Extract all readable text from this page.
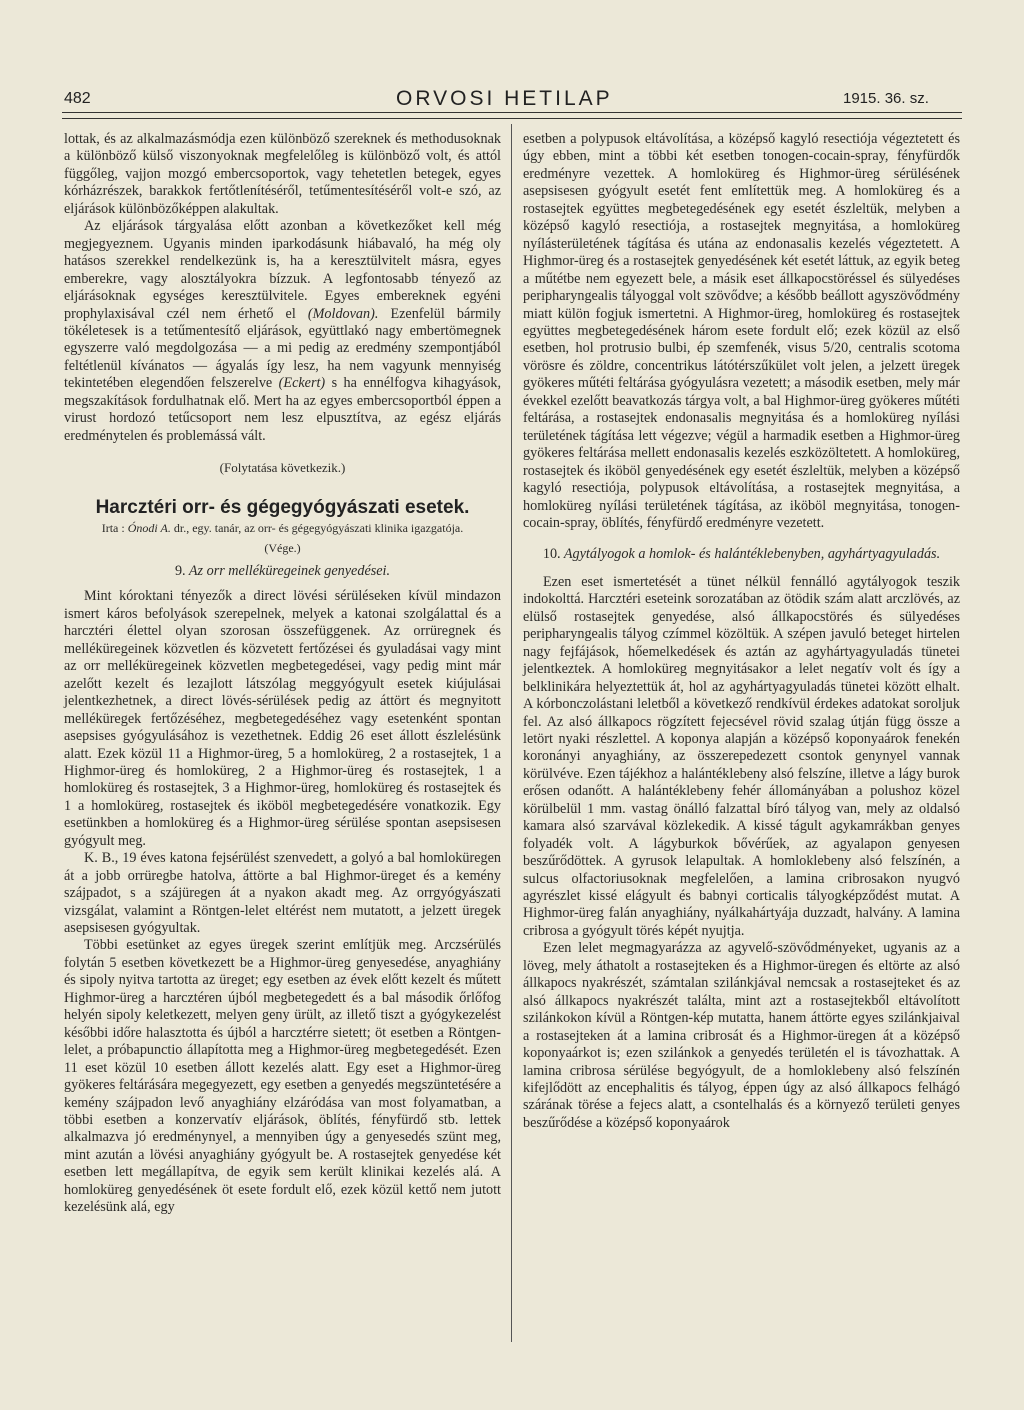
482	ORVOSI HETILAP	1915. 36. sz.

lottak, és az alkalmazásmódja ezen különböző szereknek és methodusoknak a különböző külső viszonyoknak megfelelőleg is különböző volt, és attól függőleg, vajjon mozgó embercsoportok, vagy tehetetlen betegek, egyes kórházrészek, barakkok fertőtlenítéséről, tetűmentesítéséről volt-e szó, az eljárások különbözőképpen alakultak.

Az eljárások tárgyalása előtt azonban a következőket kell még megjegyeznem. Ugyanis minden iparkodásunk hiábavaló, ha még oly hatásos szerekkel rendelkezünk is, ha a keresztülvitelt másra, egyes emberekre, vagy alosztályokra bízzuk. A legfontosabb tényező az eljárásoknak egységes keresztülvitele. Egyes embereknek egyéni prophylaxisával czél nem érhető el (Moldovan). Ezenfelül bármily tökéletesek is a tetűmentesítő eljárások, együttlakó nagy embertömegnek egyszerre való megdolgozása — a mi pedig az eredmény szempontjából feltétlenül kívánatos — ágyalás így lesz, ha nem vagyunk mennyiség tekintetében elegendően felszerelve (Eckert) s ha ennélfogva kihagyások, megszakítások fordulhatnak elő. Mert ha az egyes embercsoportból éppen a virust hordozó tetűcsoport nem lesz elpusztítva, az egész eljárás eredménytelen és problemássá vált.

(Folytatása következik.)
Harcztéri orr- és gégegyógyászati esetek.
Irta : Ónodi A. dr., egy. tanár, az orr- és gégegyógyászati klinika igazgatója.
(Vége.)
9. Az orr melléküregeinek genyedései.

Mint kóroktani tényezők a direct lövési sérüléseken kívül mindazon ismert káros befolyások szerepelnek, melyek a katonai szolgálattal és a harcztéri élettel olyan szorosan összefüggenek. Az orrüregnek és melléküregeinek közvetlen és közvetett fertőzései és gyuladásai vagy mint az orr melléküregeinek közvetlen megbetegedései, vagy pedig mint már azelőtt kezelt és lezajlott látszólag meggyógyult esetek kiújulásai jelentkezhetnek, a direct lövés-sérülések pedig az áttört és megnyitott melléküregek fertőzéséhez, megbetegedéséhez vagy esetenként spontan asepsises gyógyulásához is vezethetnek. Eddig 26 eset állott észlelésünk alatt. Ezek közül 11 a Highmor-üreg, 5 a homloküreg, 2 a rostasejtek, 1 a Highmor-üreg és homloküreg, 2 a Highmor-üreg és rostasejtek, 1 a homloküreg és rostasejtek, 3 a Highmor-üreg, homloküreg és rostasejtek és 1 a homloküreg, rostasejtek és iköböl megbetegedésére vonatkozik. Egy esetünkben a homloküreg és a Highmor-üreg sérülése spontan asepsisesen gyógyult meg.

K. B., 19 éves katona fejsérülést szenvedett, a golyó a bal homloküregen át a jobb orrüregbe hatolva, áttörte a bal Highmor-üreget és a kemény szájpadot, s a szájüregen át a nyakon akadt meg. Az orrgyógyászati vizsgálat, valamint a Röntgen-lelet eltérést nem mutatott, a jelzett üregek asepsisesen gyógyultak.

Többi esetünket az egyes üregek szerint említjük meg. Arczsérülés folytán 5 esetben következett be a Highmor-üreg genyesedése, anyaghiány és sipoly nyitva tartotta az üreget; egy esetben az évek előtt kezelt és műtett Highmor-üreg a harcztéren újból megbetegedett és a bal második őrlőfog helyén sipoly keletkezett, melyen geny ürült, az illető tiszt a gyógykezelést későbbi időre halasztotta és újból a harcztérre sietett; öt esetben a Röntgen-lelet, a próbapunctio állapította meg a Highmor-üreg megbetegedését. Ezen 11 eset közül 10 esetben állott kezelés alatt. Egy eset a Highmor-üreg gyökeres feltárására megegyezett, egy esetben a genyedés megszüntetésére a kemény szájpadon levő anyaghiány elzáródása van most folyamatban, a többi esetben a konzervatív eljárások, öblítés, fényfürdő stb. lettek alkalmazva jó eredménynyel, a mennyiben úgy a genyesedés szünt meg, mint azután a lövési anyaghiány gyógyult be. A rostasejtek genyedése két esetben lett megállapítva, de egyik sem került klinikai kezelés alá. A homloküreg genyedésének öt esete fordult elő, ezek közül kettő nem jutott kezelésünk alá, egy

esetben a polypusok eltávolítása, a középső kagyló resectiója végeztetett és úgy ebben, mint a többi két esetben tonogen-cocain-spray, fényfürdők eredményre vezettek. A homloküreg és Highmor-üreg sérülésének asepsisesen gyógyult esetét fent említettük meg. A homloküreg és a rostasejtek együttes megbetegedésének egy esetét észleltük, melyben a középső kagyló resectiója, a rostasejtek megnyitása, a homloküreg nyílásterületének tágítása és utána az endonasalis kezelés végeztetett. A Highmor-üreg és a rostasejtek genyedésének két esetét láttuk, az egyik beteg a műtétbe nem egyezett bele, a másik eset állkapocstöréssel és sülyedéses peripharyngealis tályoggal volt szövődve; a később beállott agyszövődmény miatt külön fogjuk ismertetni. A Highmor-üreg, homloküreg és rostasejtek együttes megbetegedésének három esete fordult elő; ezek közül az első esetben, hol protrusio bulbi, ép szemfenék, visus 5/20, centralis scotoma vörösre és zöldre, concentrikus látótérszűkület volt jelen, a jelzett üregek gyökeres műtéti feltárása gyógyulásra vezetett; a második esetben, mely már évekkel ezelőtt beavatkozás tárgya volt, a bal Highmor-üreg gyökeres műtéti feltárása, a rostasejtek endonasalis megnyitása és a homloküreg nyílási területének tágítása lett végezve; végül a harmadik esetben a Highmor-üreg gyökeres feltárása mellett endonasalis kezelés eszközöltetett. A homloküreg, rostasejtek és iköböl genyedésének egy esetét észleltük, melyben a középső kagyló resectiója, polypusok eltávolítása, a rostasejtek megnyitása, a homloküreg nyílási területének tágítása, az iköböl megnyitása, tonogen-cocain-spray, öblítés, fényfürdő eredményre vezetett.

10. Agytályogok a homlok- és halántéklebenyben, agyhártyagyuladás.

Ezen eset ismertetését a tünet nélkül fennálló agytályogok teszik indokolttá. Harcztéri eseteink sorozatában az ötödik szám alatt arczlövés, az elülső rostasejtek genyedése, alsó állkapocstörés és sülyedéses peripharyngealis tályog czímmel közöltük. A szépen javuló beteget hirtelen nagy fejfájások, hőemelkedések és aztán az agyhártyagyuladás tünetei jelentkeztek. A homloküreg megnyitásakor a lelet negatív volt és így a belklinikára helyeztettük át, hol az agyhártyagyuladás tünetei között elhalt. A kórbonczolástani leletből a következő rendkívül érdekes adatokat soroljuk fel. Az alsó állkapocs rögzített fejecsével rövid szalag útján függ össze a letört nyaki részlettel. A koponya alapján a középső koponyaárok fenekén koronányi anyaghiány, az összerepedezett csontok genynyel vannak körülvéve. Ezen tájékhoz a halántéklebeny alsó felszíne, illetve a lágy burok erősen odanőtt. A halántéklebeny fehér állományában a polushoz közel körülbelül 1 mm. vastag önálló falzattal bíró tályog van, mely az oldalsó kamara alsó szarvával közlekedik. A kissé tágult agykamrákban genyes folyadék volt. A lágyburkok bővérűek, az agyalapon genyesen beszűrődöttek. A gyrusok lelapultak. A homloklebeny alsó felszínén, a sulcus olfactoriusoknak megfelelően, a lamina cribrosakon nyugvó agyrészlet kissé elágyult és babnyi corticalis tályogképződést mutat. A Highmor-üreg falán anyaghiány, nyálkahártyája duzzadt, halvány. A lamina cribrosa a gyógyult törés képét nyujtja.

Ezen lelet megmagyarázza az agyvelő-szövődményeket, ugyanis az a löveg, mely áthatolt a rostasejteken és a Highmor-üregen és eltörte az alsó állkapocs nyakrészét, számtalan szilánkjával nemcsak a rostasejteket és az alsó állkapocs nyakrészét találta, mint azt a rostasejtekből eltávolított szilánkokon kívül a Röntgen-kép mutatta, hanem áttörte egyes szilánkjaival a rostasejteken át a lamina cribrosát és a Highmor-üregen át a középső koponyaárkot is; ezen szilánkok a genyedés területén el is távozhattak. A lamina cribrosa sérülése begyógyult, de a homloklebeny alsó felszínén kifejlődött az encephalitis és tályog, éppen úgy az alsó állkapocs felhágó szárának törése a fejecs alatt, a csontelhalás és a környező területi genyes beszűrődése a középső koponyaárok
